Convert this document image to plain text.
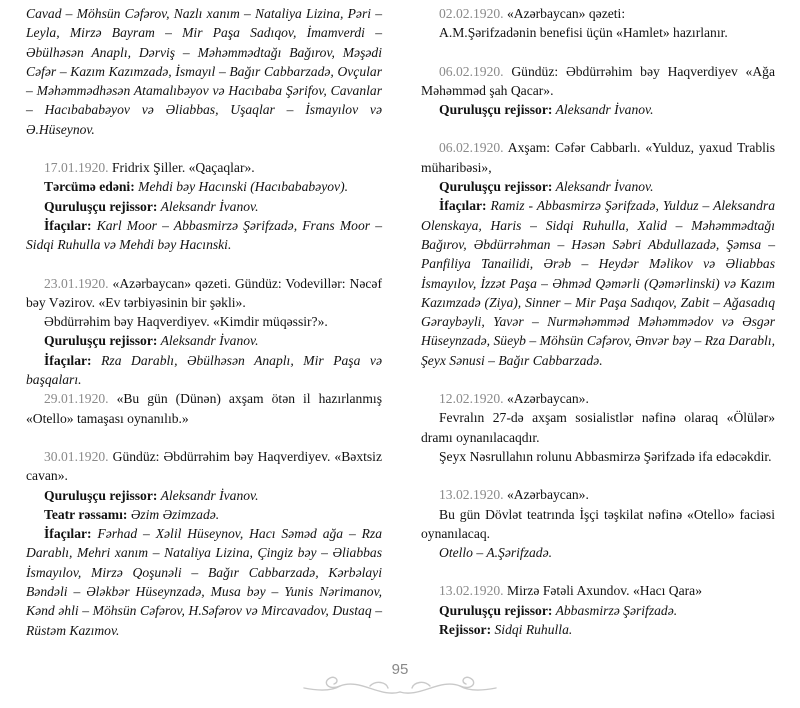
Cavad – Möhsün Cəfərov, Nazlı xanım – Nataliya Lizina, Pəri – Leyla, Mirzə Bayram – Mir Paşa Sadıqov, İmamverdi – Əbülhəsən Anaplı, Dərviş – Məhəmmədtağı Bağırov, Məşədi Cəfər – Kazım Kazımzadə, İsmayıl – Bağır Cabbarzadə, Ovçular – Məhəmmədhəsən Atamalıbəyov və Hacıbaba Şərifov, Cavanlar – Hacıbababəyov və Əliabbas, Uşaqlar – İsmayılov və Ə.Hüseynov.

17.01.1920. Fridrix Şiller. «Qaçaqlar».

Tərcümə edəni: Mehdi bəy Hacınski (Hacıbababəyov).

Quruluşçu rejissor: Aleksandr İvanov.

İfaçılar: Karl Moor – Abbasmirzə Şərifzadə, Frans Moor – Sidqi Ruhulla və Mehdi bəy Hacınski.

23.01.1920. «Azərbaycan» qəzeti. Gündüz: Vodevillər: Nəcəf bəy Vəzirov. «Ev tərbiyəsinin bir şəkli».

Əbdürrəhim bəy Haqverdiyev. «Kimdir müqəssir?».

Quruluşçu rejissor: Aleksandr İvanov.

İfaçılar: Rza Darablı, Əbülhəsən Anaplı, Mir Paşa və başqaları.

29.01.1920. «Bu gün (Dünən) axşam ötən il hazırlanmış «Otello» tamaşası oynanılıb.»

30.01.1920. Gündüz: Əbdürrəhim bəy Haqverdiyev. «Bəxtsiz cavan».

Quruluşçu rejissor: Aleksandr İvanov.

Teatr rəssamı: Əzim Əzimzadə.

İfaçılar: Fərhad – Xəlil Hüseynov, Hacı Səməd ağa – Rza Darablı, Mehri xanım – Nataliya Lizina, Çingiz bəy – Əliabbas İsmayılov, Mirzə Qoşunəli – Bağır Cabbarzadə, Kərbəlayi Bəndəli – Ələkbər Hüseynzadə, Musa bəy – Yunis Nərimanov, Kənd əhli – Möhsün Cəfərov, H.Səfərov və Mircavadov, Dustaq – Rüstəm Kazımov.

02.02.1920. «Azərbaycan» qəzeti:

A.M.Şərifzadənin benefisi üçün «Hamlet» hazırlanır.

06.02.1920. Gündüz: Əbdürrəhim bəy Haqverdiyev «Ağa Məhəmməd şah Qacar».

Quruluşçu rejissor: Aleksandr İvanov.

06.02.1920. Axşam: Cəfər Cabbarlı. «Yulduz, yaxud Trablis müharibəsi»,

Quruluşçu rejissor: Aleksandr İvanov.

İfaçılar: Ramiz - Abbasmirzə Şərifzadə, Yulduz – Aleksandra Olenskaya, Haris – Sidqi Ruhulla, Xalid – Məhəmmədtağı Bağırov, Əbdürrəhman – Həsən Səbri Abdullazadə, Şəmsa – Panfiliya Tanailidi, Ərəb – Heydər Məlikov və Əliabbas İsmayılov, İzzət Paşa – Əhməd Qəmərli (Qəmərlinski) və Kazım Kazımzadə (Ziya), Sinner – Mir Paşa Sadıqov, Zabit – Ağasadıq Gəraybəyli, Yavər – Nurməhəmməd Məhəmmədov və Əsgər Hüseynzadə, Süeyb – Möhsün Cəfərov, Ənvər bəy – Rza Darablı, Şeyx Sənusi – Bağır Cabbarzadə.

12.02.1920. «Azərbaycan».

Fevralın 27-də axşam sosialistlər nəfinə olaraq «Ölülər» dramı oynanılacaqdır.

Şeyx Nəsrullahın rolunu Abbasmirzə Şərifzadə ifa edəcəkdir.

13.02.1920. «Azərbaycan».

Bu gün Dövlət teatrında İşçi təşkilat nəfinə «Otello» faciəsi oynanılacaq.

Otello – A.Şərifzadə.

13.02.1920. Mirzə Fətəli Axundov. «Hacı Qara»

Quruluşçu rejissor: Abbasmirzə Şərifzadə.

Rejissor: Sidqi Ruhulla.

95
